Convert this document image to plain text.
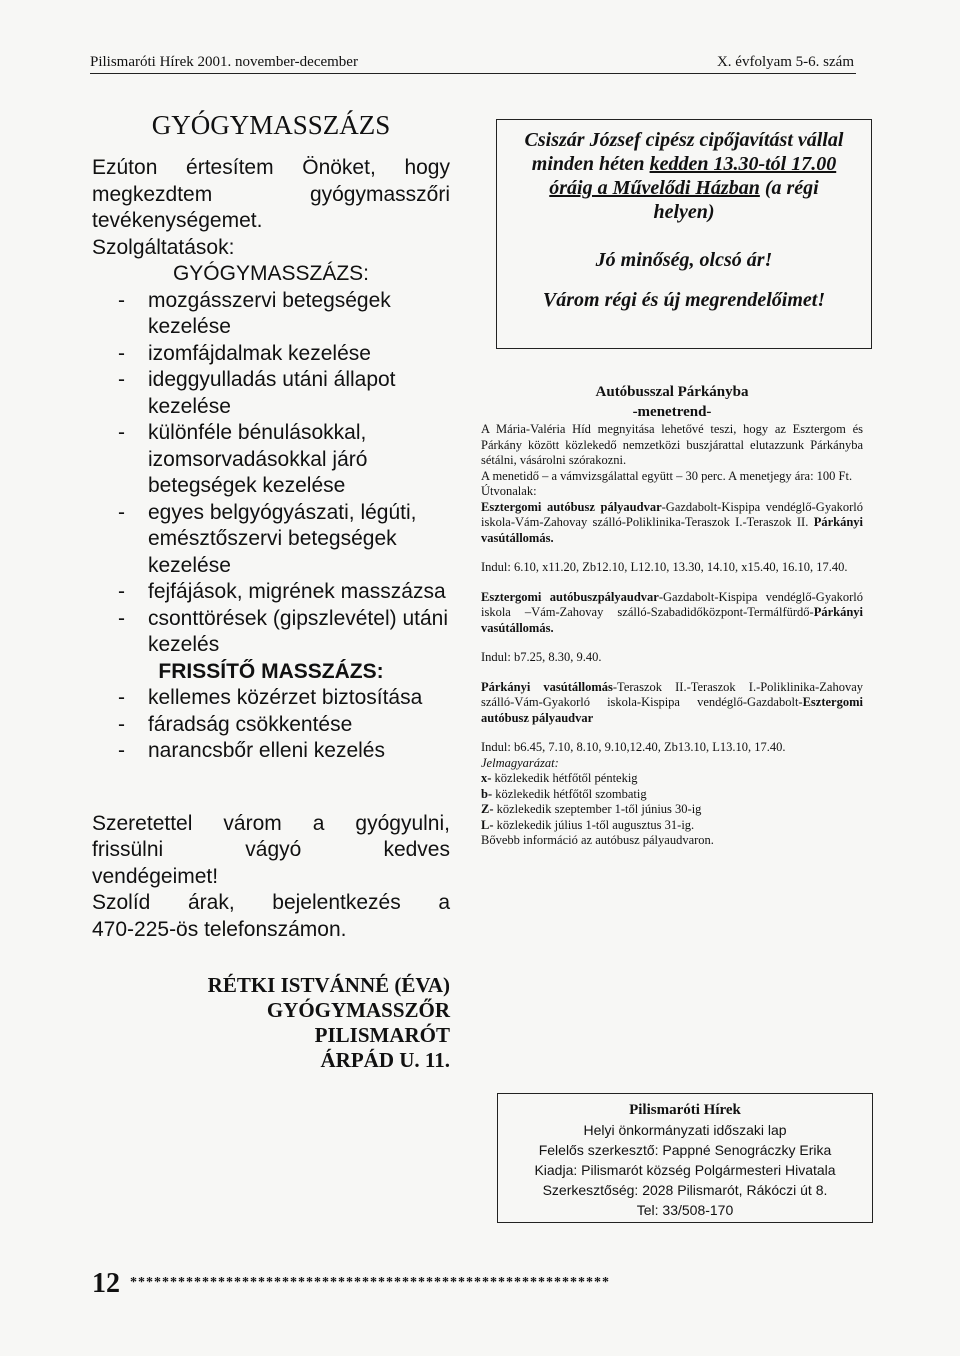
Pilismaróti Hírek 2001. november-december	X. évfolyam 5-6. szám
GYÓGYMASSZÁZS

Ezúton értesítem Önöket, hogy

megkezdtem gyógymasszőri

tevékenységemet.

Szolgáltatások:

GYÓGYMASSZÁZS:

- mozgásszervi betegségek kezelése
- izomfájdalmak kezelése
- ideggyulladás utáni állapot kezelése
- különféle bénulásokkal, izomsorvadásokkal járó betegségek kezelése
- egyes belgyógyászati, légúti, emésztőszervi betegségek kezelése
- fejfájások, migrének masszázsa
- csonttörések (gipszlevétel) utáni kezelés

FRISSÍTŐ MASSZÁZS:

- kellemes közérzet biztosítása
- fáradság csökkentése
- narancsbőr elleni kezelés

Szeretettel várom a gyógyulni,

frissülni vágyó kedves

vendégeimet!

Szolíd árak, bejelentkezés a

470-225-ös telefonszámon.

RÉTKI ISTVÁNNÉ (ÉVA)
GYÓGYMASSZŐR
PILISMARÓT
ÁRPÁD U. 11.
Csiszár József cipész cipőjavítást vállal
minden héten kedden 13.30-tól 17.00
óráig a Művelődi Házban (a régi
helyen)
Jó minőség, olcsó ár!
Várom régi és új megrendelőimet!
Autóbusszal Párkányba
-menetrend-

A Mária-Valéria Híd megnyitása lehetővé teszi, hogy az Esztergom és Párkány között közlekedő nemzetközi buszjárattal elutazzunk Párkányba sétálni, vásárolni szórakozni.

A menetidő – a vámvizsgálattal együtt – 30 perc. A menetjegy ára: 100 Ft.

Útvonalak:

Esztergomi autóbusz pályaudvar-Gazdabolt-Kispipa vendéglő-Gyakorló iskola-Vám-Zahovay szálló-Poliklinika-Teraszok I.-Teraszok II. Párkányi vasútállomás.

Indul: 6.10, x11.20, Zb12.10, L12.10, 13.30, 14.10, x15.40, 16.10, 17.40.

Esztergomi autóbuszpályaudvar-Gazdabolt-Kispipa vendéglő-Gyakorló iskola –Vám-Zahovay szálló-Szabadidőközpont-Termálfürdő-Párkányi vasútállomás.

Indul: b7.25, 8.30, 9.40.

Párkányi vasútállomás-Teraszok II.-Teraszok I.-Poliklinika-Zahovay szálló-Vám-Gyakorló iskola-Kispipa vendéglő-Gazdabolt-Esztergomi autóbusz pályaudvar

Indul: b6.45, 7.10, 8.10, 9.10,12.40, Zb13.10, L13.10, 17.40.

Jelmagyarázat:

x- közlekedik hétfőtől péntekig

b- közlekedik hétfőtől szombatig

Z- közlekedik szeptember 1-től június 30-ig

L- közlekedik július 1-től augusztus 31-ig.

Bővebb információ az autóbusz pályaudvaron.

Pilismaróti Hírek
Helyi önkormányzati időszaki lap
Felelős szerkesztő: Pappné Senográczky Erika
Kiadja: Pilismarót község Polgármesteri Hivatala
Szerkesztőség: 2028 Pilismarót, Rákóczi út 8.
Tel: 33/508-170
12 ************************************************************
